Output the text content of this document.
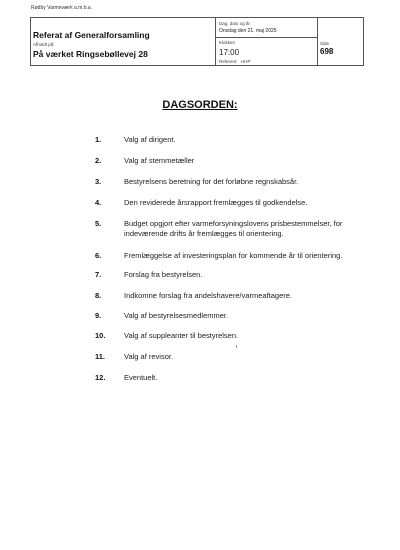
Rødby Varmeværk a.m.b.a.
Referat af Generalforsamling
Afholdt på:
På værket Ringsebøllevej 28
Dag, dato og år
Onsdag den 21. maj 2025
Klokken
17:00
Referent: HHP
Side
698
DAGSORDEN:
1.	Valg af dirigent.
2.	Valg af stemmetæller
3.	Bestyrelsens beretning for det forløbne regnskabsår.
4.	Den reviderede årsrapport fremlægges til godkendelse.
5.	Budget opgjort efter varmeforsyningslovens prisbestemmelser, for indeværende drifts år fremlægges til orientering.
6.	Fremlæggelse af investeringsplan for kommende år til orientering.
7.	Forslag fra bestyrelsen.
8.	Indkomne forslag fra andelshavere/varmeaftagere.
9.	Valg af bestyrelsesmedlemmer.
10. Valg af suppleanter til bestyrelsen.
11.	Valg af revisor.
12. Eventuelt.
